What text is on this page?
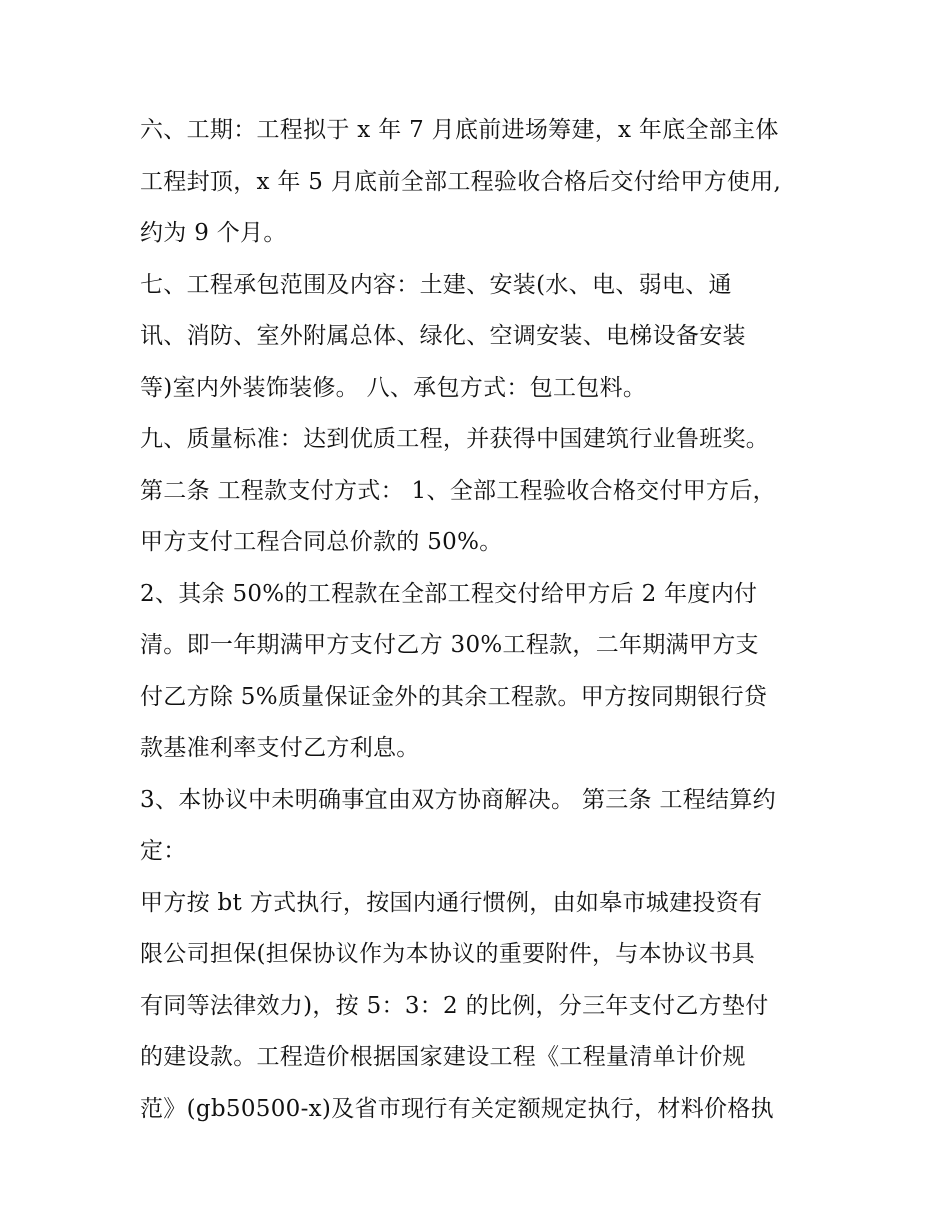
六、工期：工程拟于 x 年 7 月底前进场筹建，x 年底全部主体
工程封顶，x 年 5 月底前全部工程验收合格后交付给甲方使用,
约为 9 个月。
七、工程承包范围及内容：土建、安装(水、电、弱电、通
讯、消防、室外附属总体、绿化、空调安装、电梯设备安装
等)室内外装饰装修。 八、承包方式：包工包料。
九、质量标准：达到优质工程，并获得中国建筑行业鲁班奖。
第二条 工程款支付方式： 1、全部工程验收合格交付甲方后，
甲方支付工程合同总价款的 50%。
2、其余 50%的工程款在全部工程交付给甲方后 2 年度内付
清。即一年期满甲方支付乙方 30%工程款，二年期满甲方支
付乙方除 5%质量保证金外的其余工程款。甲方按同期银行贷
款基准利率支付乙方利息。
3、本协议中未明确事宜由双方协商解决。 第三条 工程结算约
定：
甲方按 bt 方式执行，按国内通行惯例，由如皋市城建投资有
限公司担保(担保协议作为本协议的重要附件，与本协议书具
有同等法律效力)，按 5：3：2 的比例，分三年支付乙方垫付
的建设款。工程造价根据国家建设工程《工程量清单计价规
范》(gb50500-x)及省市现行有关定额规定执行，材料价格执
